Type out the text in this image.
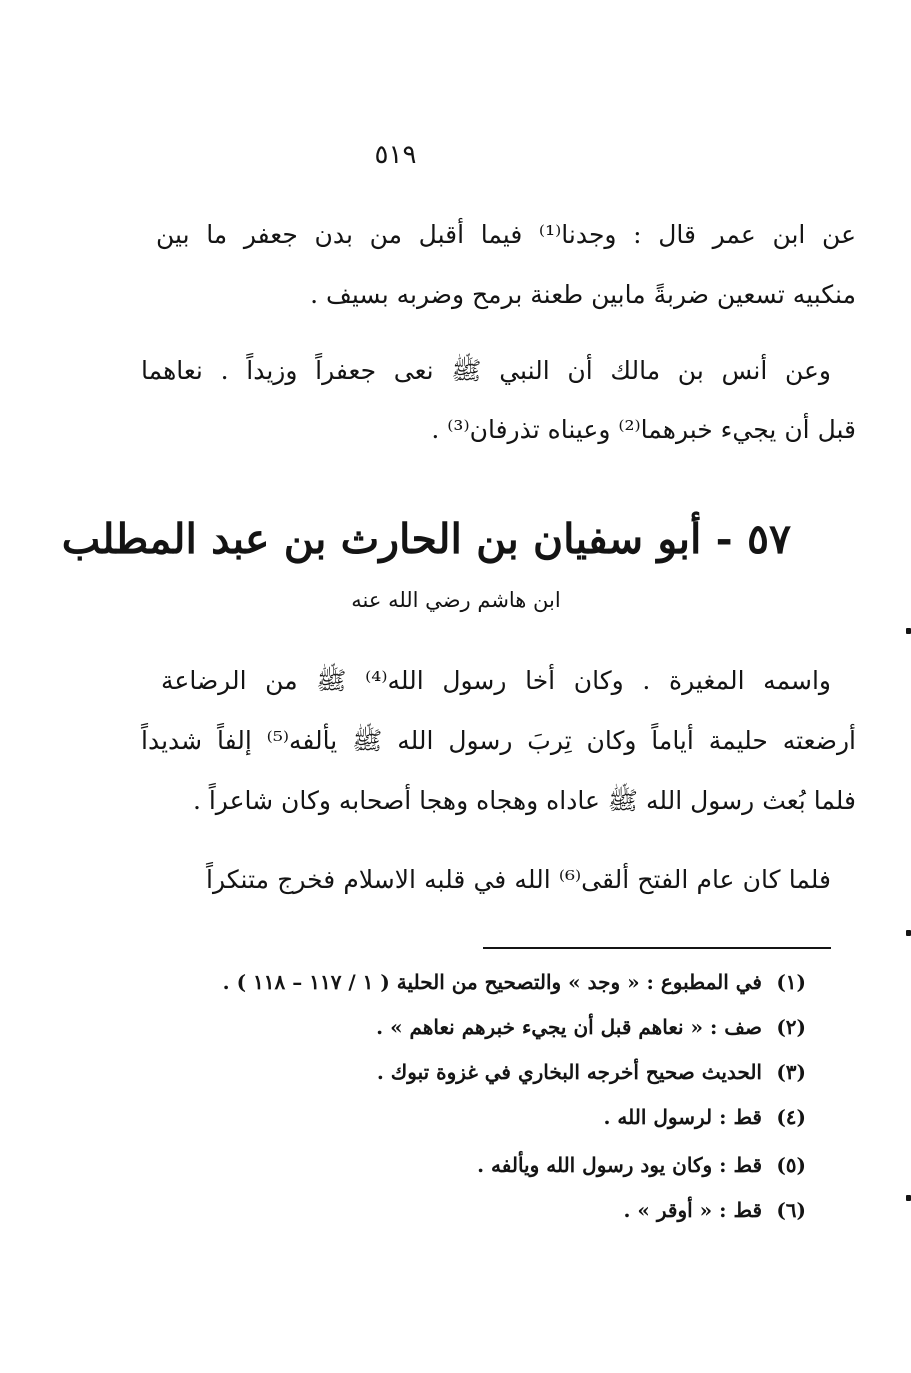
٥١٩
عن ابن عمر قال : وجدنا⁽¹⁾ فيما أقبل من بدن جعفر ما بين
منكبيه تسعين ضربةً مابين طعنة برمح وضربه بسيف .
وعن أنس بن مالك أن النبي ﷺ نعى جعفراً وزيداً . نعاهما
قبل أن يجيء خبرهما⁽²⁾ وعيناه تذرفان⁽³⁾ .
٥٧ - أبو سفيان بن الحارث بن عبد المطلب
ابن هاشم رضي الله عنه
واسمه المغيرة . وكان أخا رسول الله⁽⁴⁾ ﷺ من الرضاعة
أرضعته حليمة أياماً وكان تِربَ رسول الله ﷺ يألفه⁽⁵⁾ إلفاً شديداً
فلما بُعث رسول الله ﷺ عاداه وهجاه وهجا أصحابه وكان شاعراً .
فلما كان عام الفتح ألقى⁽⁶⁾ الله في قلبه الاسلام فخرج متنكراً
(١)في المطبوع : « وجد » والتصحيح من الحلية ( ١ / ١١٧ – ١١٨ ) .
(٢)صف : « نعاهم قبل أن يجيء خبرهم نعاهم » .
(٣)الحديث صحيح أخرجه البخاري في غزوة تبوك .
(٤)قط : لرسول الله .
(٥)قط : وكان يود رسول الله ويألفه .
(٦)قط : « أوقر » .
